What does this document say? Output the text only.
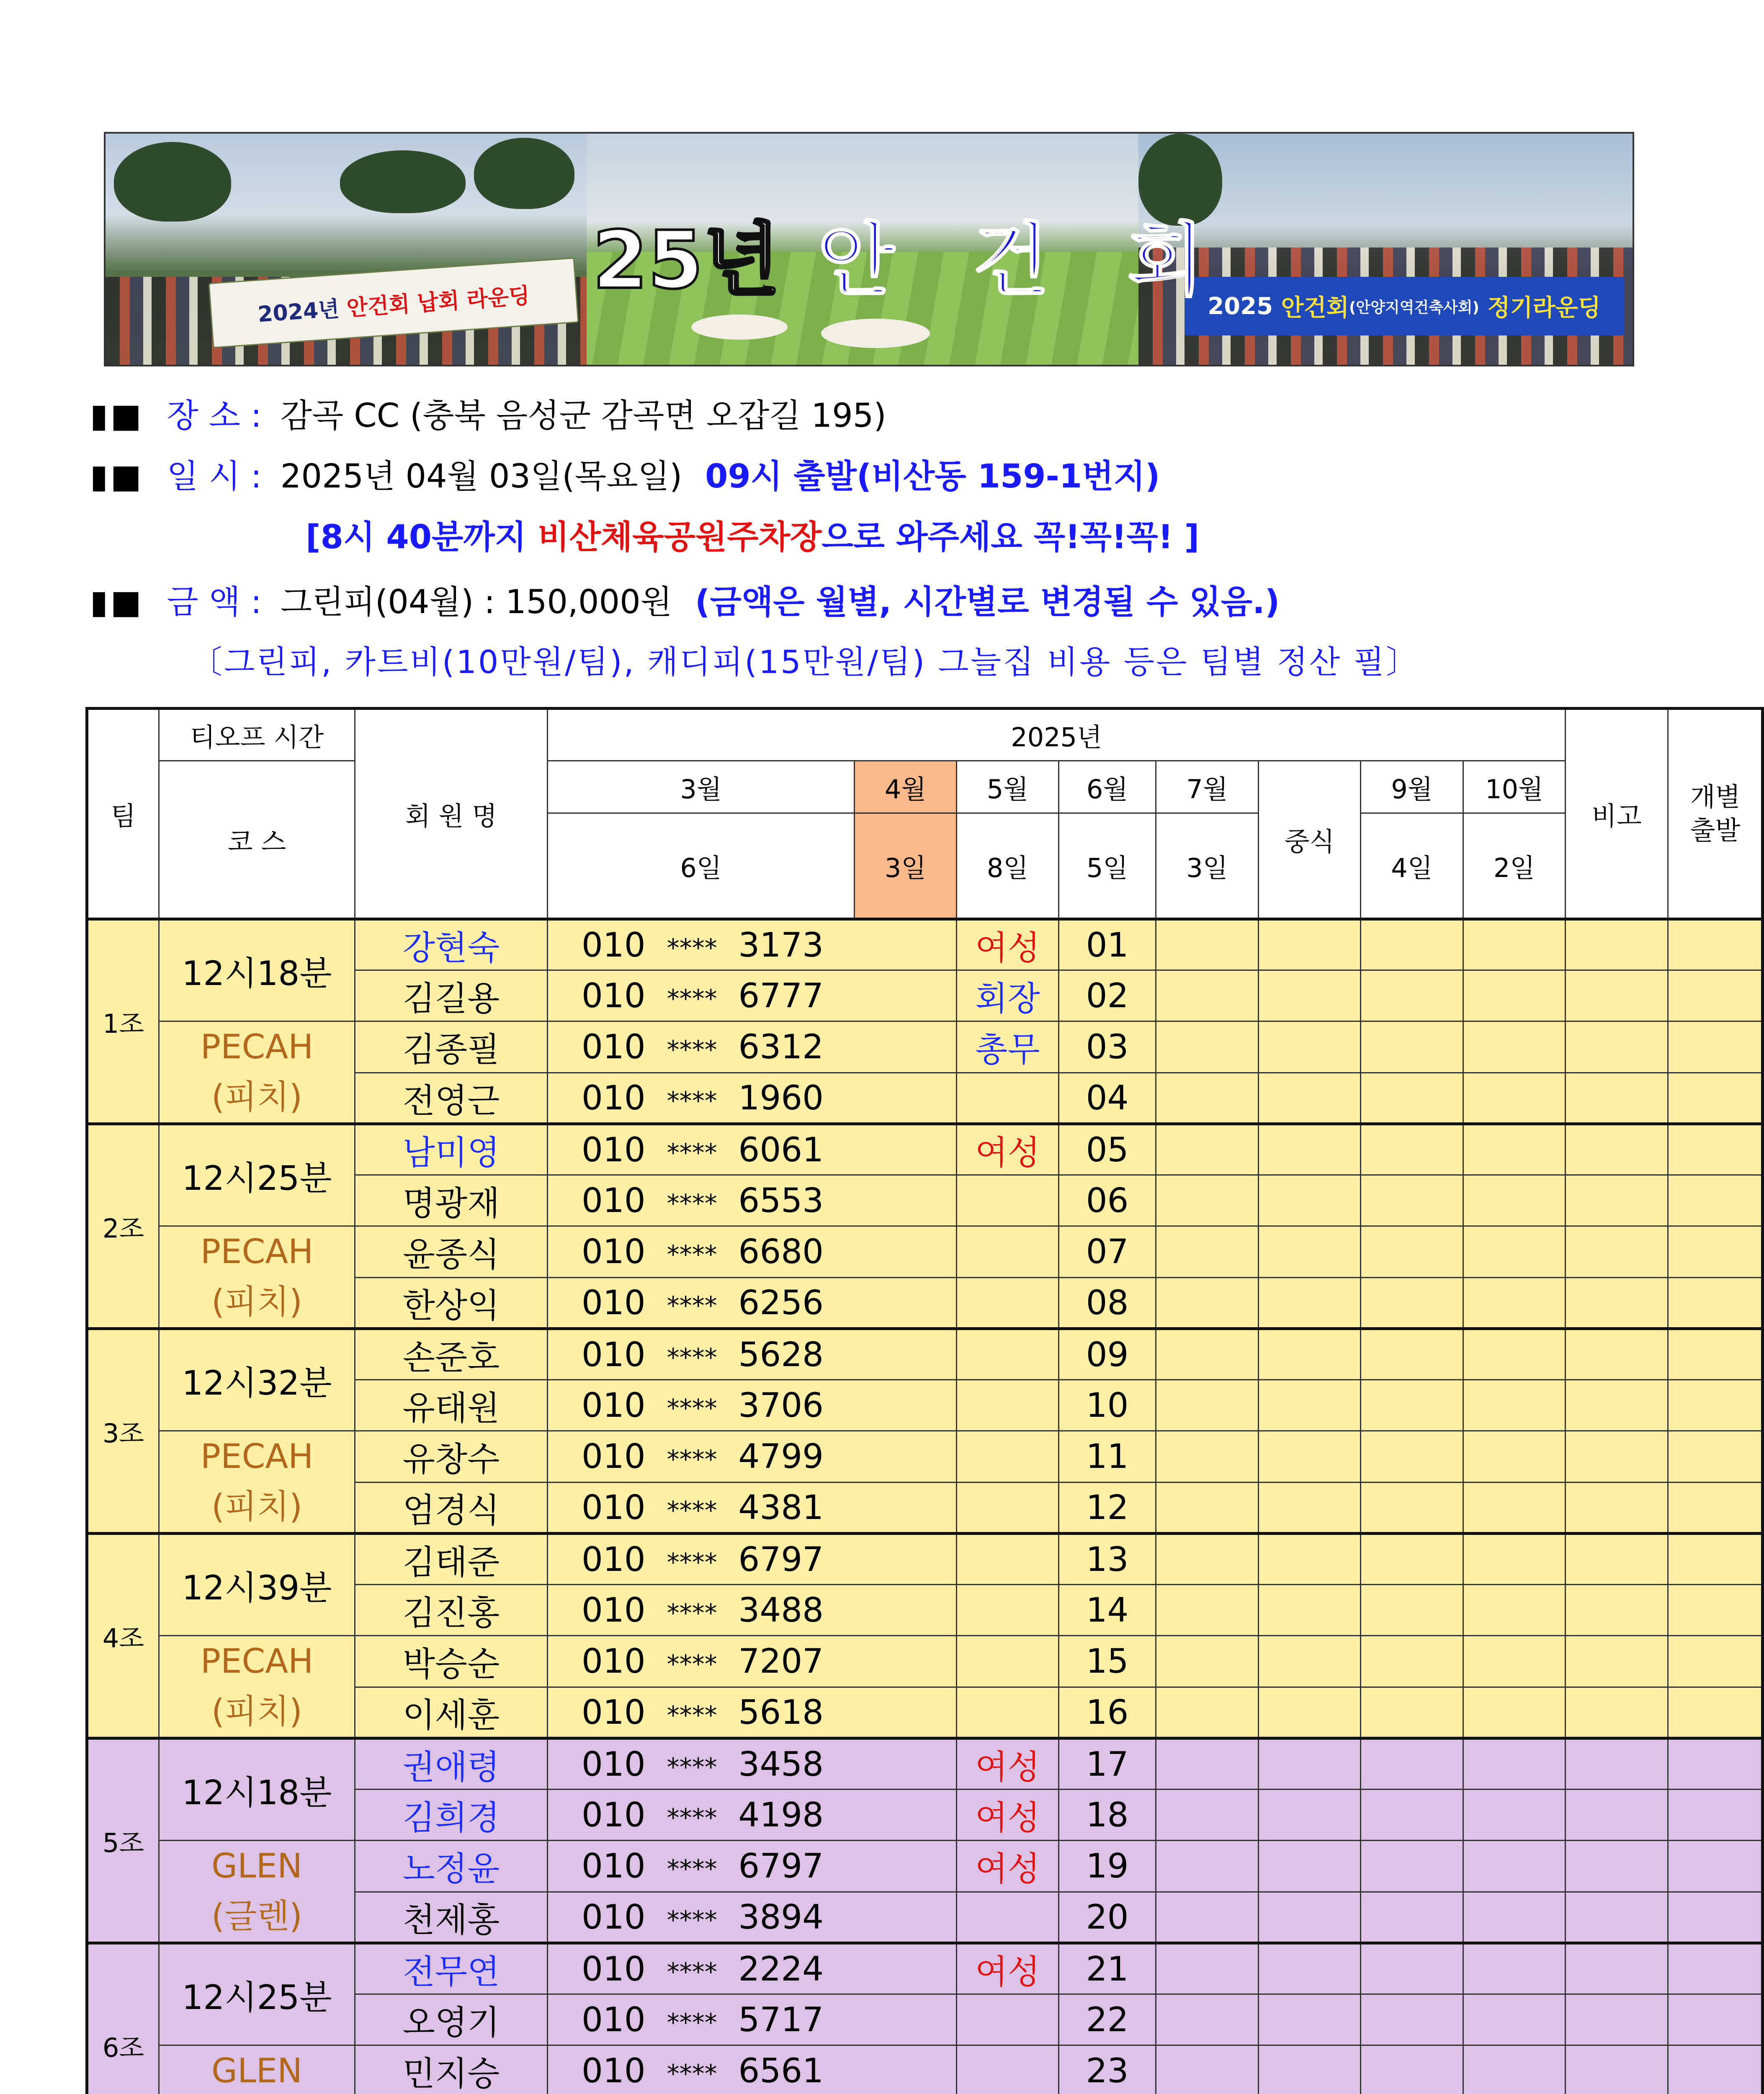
2024년
안건회
납회 라운딩	2025
안건회 (안양지역건축사회)
정기라운딩
25년 안 건 회
▮■ 장 소 : 감곡 CC (충북 음성군 감곡면 오갑길 195)
▮■ 일 시 : 2025년 04월 03일(목요일) 09시 출발(비산동 159-1번지)
[8시 40분까지 비산체육공원주차장으로 와주세요 꼭!꼭!꼭! ]
▮■ 금 액 : 그린피(04월) : 150,000원 (금액은 월별, 시간별로 변경될 수 있음.)
〔그린피, 카트비(10만원/팀), 캐디피(15만원/팀) 그늘집 비용 등은 팀별 정산 필〕
팀	티오프 시간	회 원 명	2025년								비고	개별
출발	
	코 스		3월	4월	5월	6월	7월	중식	9월	10월	
			6일	3일	8일	5일	3일		4일	2일	
1조	12시18분	강현숙	010 **** 3173		여성	01							
		김길용	010 **** 6777		회장	02							

	PECAH
(피치)	김종필	010 **** 6312		총무	03							
		전영근	010 **** 1960			04							
2조	12시25분	남미영	010 **** 6061		여성	05							
		명광재	010 **** 6553			06							

	PECAH
(피치)	윤종식	010 **** 6680			07							
		한상익	010 **** 6256			08							
3조	12시32분	손준호	010 **** 5628			09							
		유태원	010 **** 3706			10							

	PECAH
(피치)	유창수	010 **** 4799			11							
		엄경식	010 **** 4381			12							
4조	12시39분	김태준	010 **** 6797			13							
		김진홍	010 **** 3488			14							

	PECAH
(피치)	박승순	010 **** 7207			15							
		이세훈	010 **** 5618			16							
5조	12시18분	권애령	010 **** 3458		여성	17							
		김희경	010 **** 4198		여성	18							

	GLEN
(글렌)	노정윤	010 **** 6797		여성	19							
		천제홍	010 **** 3894			20							
6조	12시25분	전무연	010 **** 2224		여성	21							
		오영기	010 **** 5717			22							

	GLEN	민지승	010 **** 6561			23							
